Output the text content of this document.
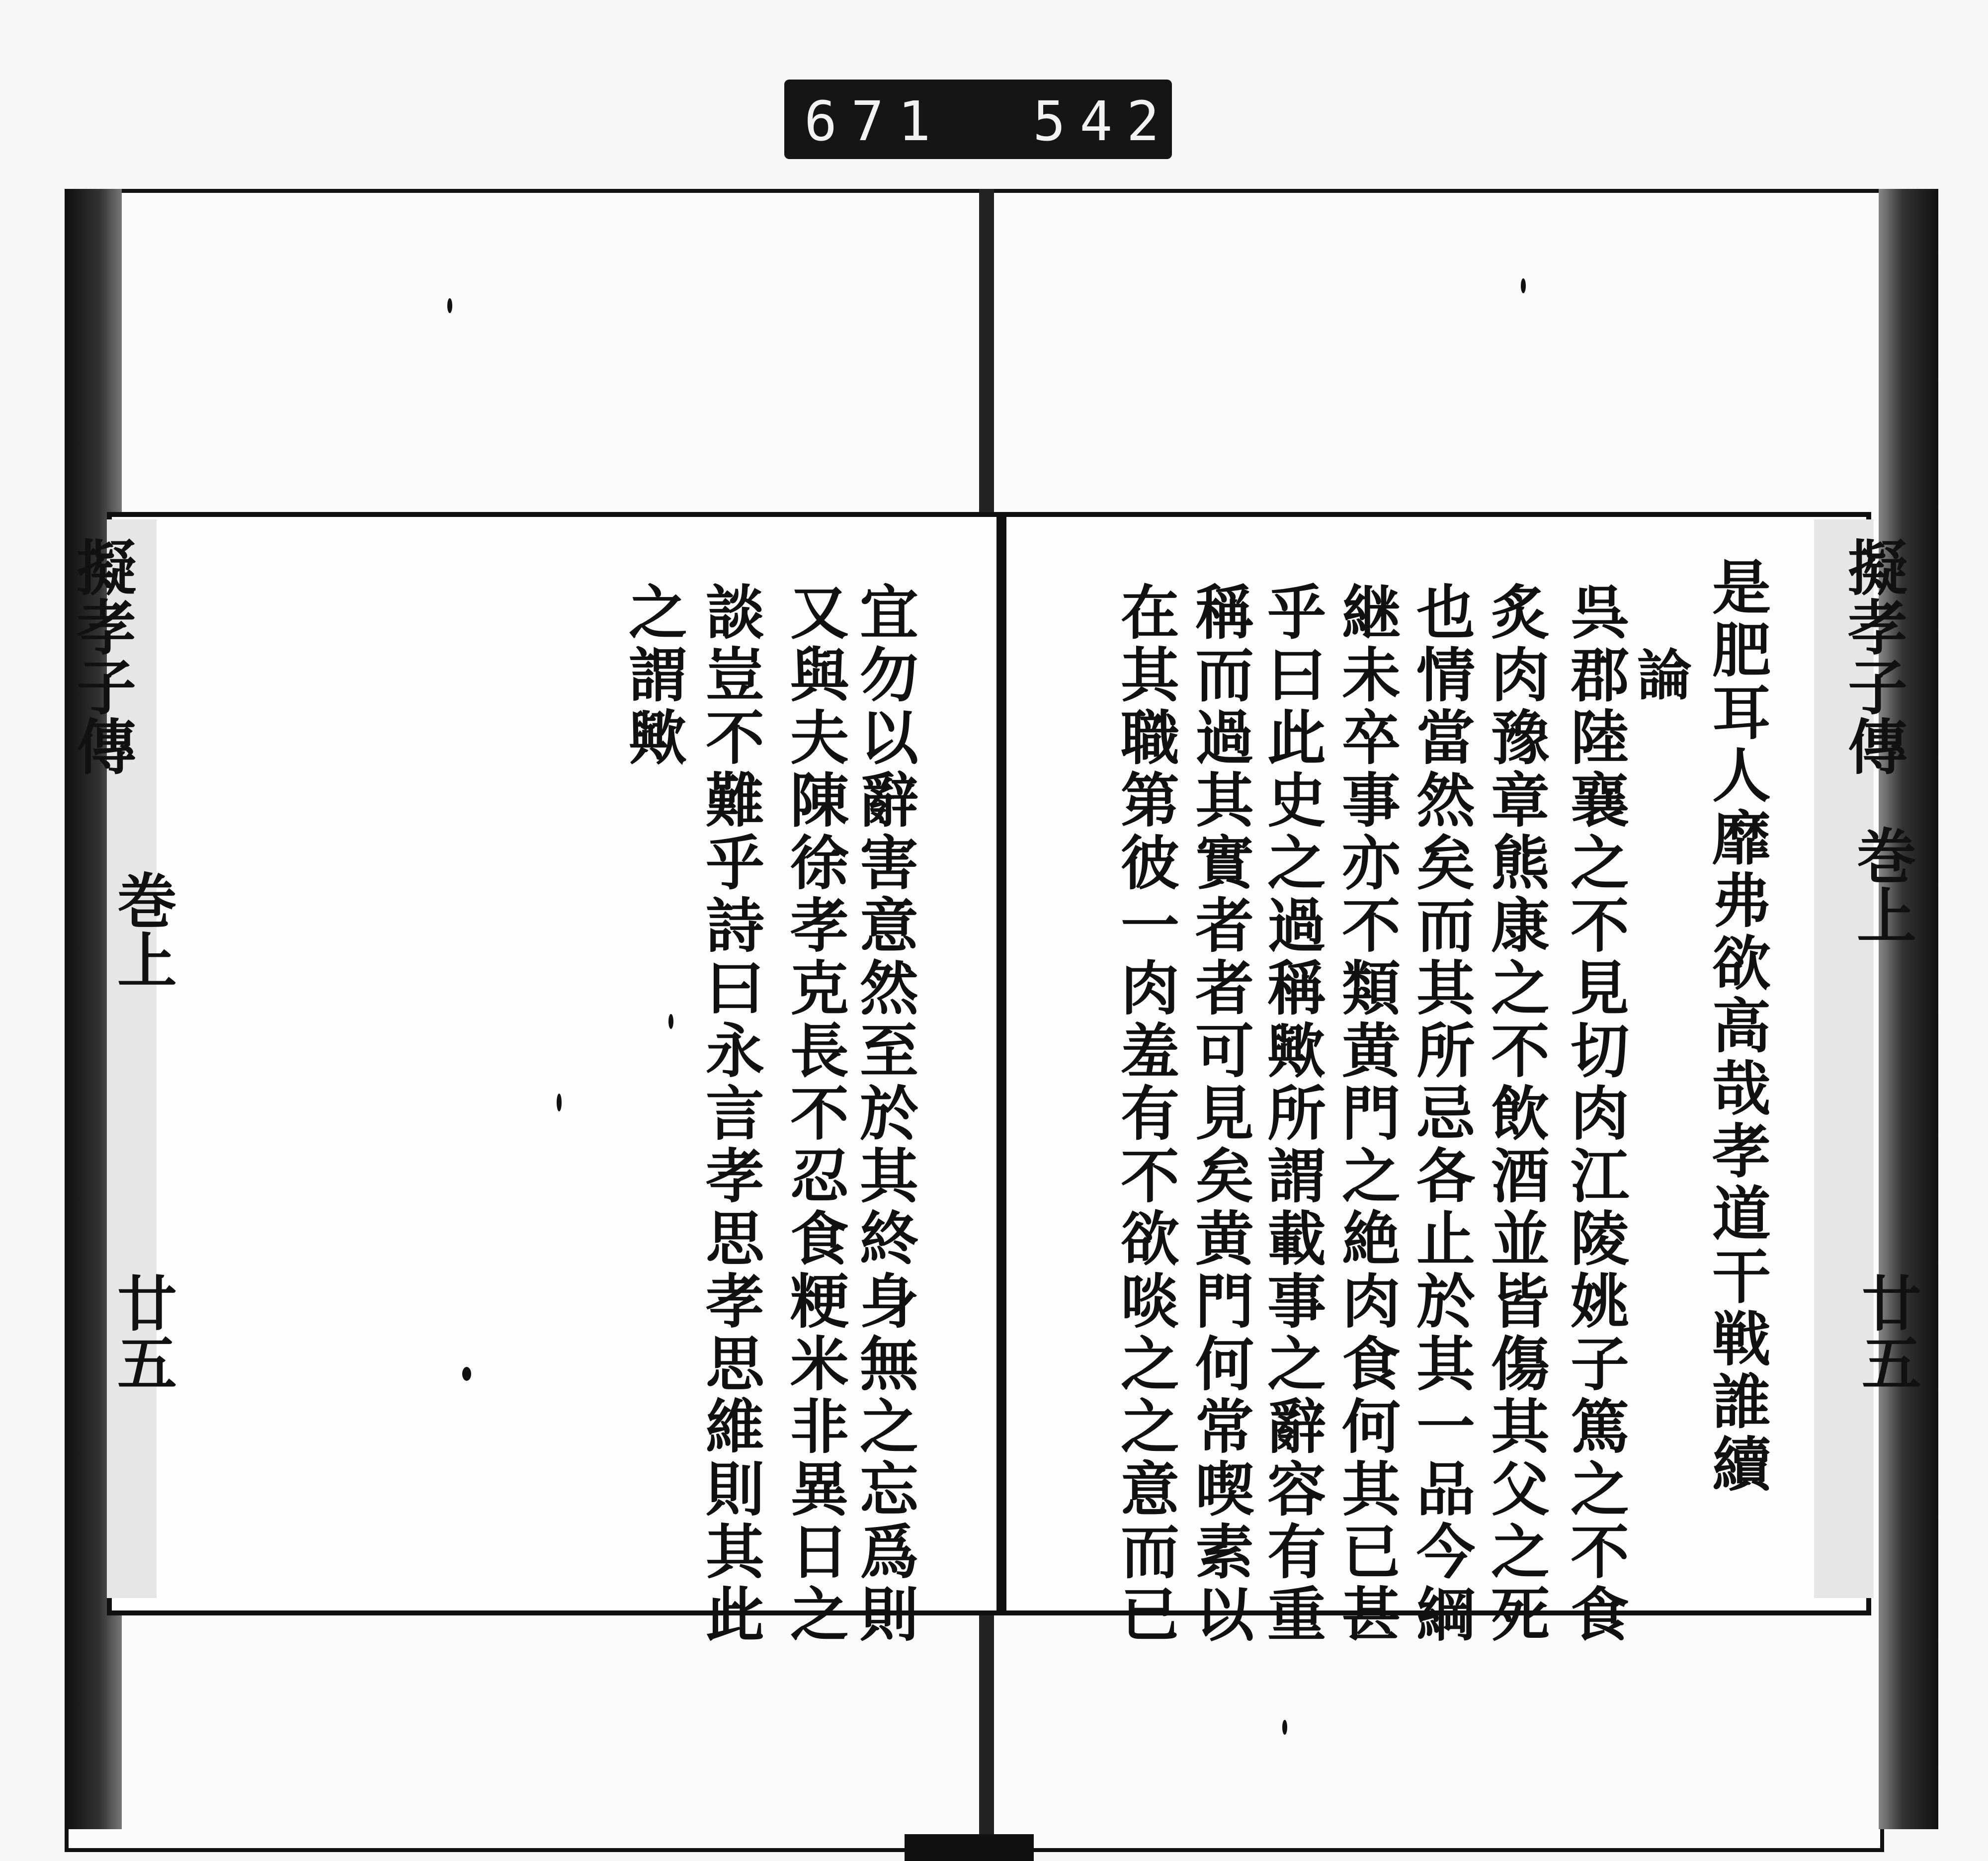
671 542
擬孝子傳
巻上
廿五
擬孝子傳
巻上
廿五	是肥耳人靡弗欲高哉孝道干戦誰續
論
呉郡陸襄之不見切肉江陵姚子篤之不食
炙肉豫章熊康之不飲酒並皆傷其父之死
也情當然矣而其所忌各止於其一品今綱
継未卒事亦不類黄門之絶肉食何其已甚
乎曰此史之過稱歟所謂載事之辭容有重
稱而過其實者者可見矣黄門何常喫素以
在其職第彼一肉羞有不欲啖之之意而已
宜勿以辭害意然至於其終身無之忘爲則
又與夫陳徐孝克長不忍食粳米非異日之
談豈不難乎詩曰永言孝思孝思維則其此
之謂歟
